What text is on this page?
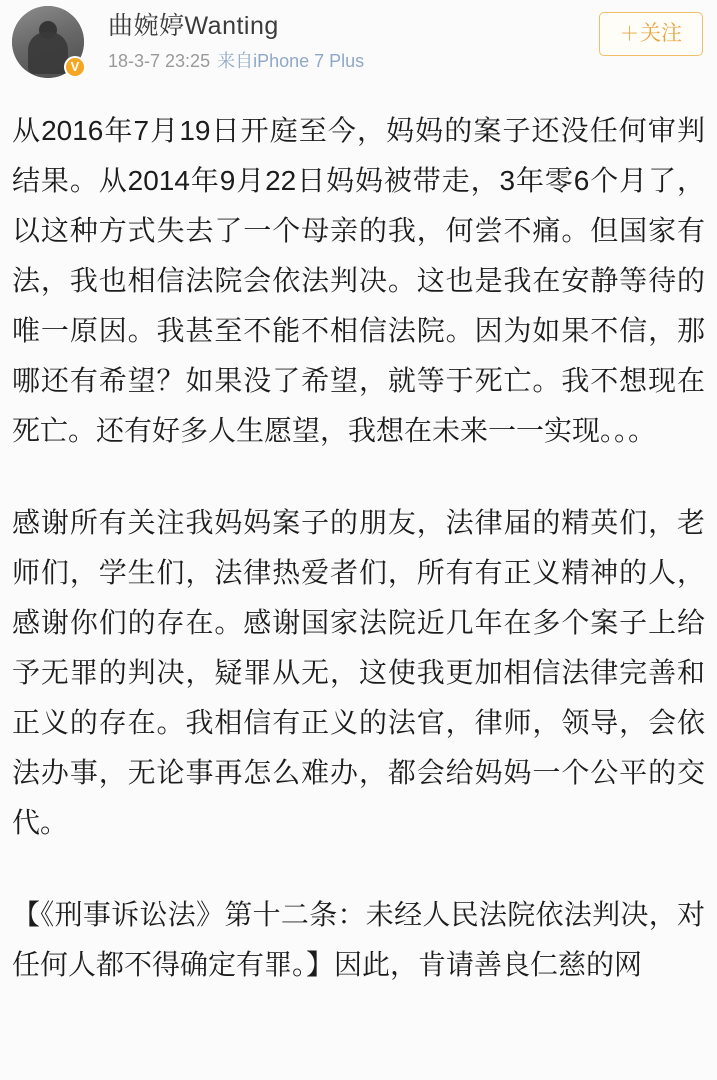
V
曲婉婷Wanting
18-3-7 23:25 来自iPhone 7 Plus
＋关注

从2016年7月19日开庭至今，妈妈的案子还没任何审判结果。从2014年9月22日妈妈被带走，3年零6个月了，以这种方式失去了一个母亲的我，何尝不痛。但国家有法，我也相信法院会依法判决。这也是我在安静等待的唯一原因。我甚至不能不相信法院。因为如果不信，那哪还有希望？如果没了希望，就等于死亡。我不想现在死亡。还有好多人生愿望，我想在未来一一实现。。。

感谢所有关注我妈妈案子的朋友，法律届的精英们，老师们，学生们，法律热爱者们，所有有正义精神的人，感谢你们的存在。感谢国家法院近几年在多个案子上给予无罪的判决，疑罪从无，这使我更加相信法律完善和正义的存在。我相信有正义的法官，律师，领导，会依法办事，无论事再怎么难办，都会给妈妈一个公平的交代。

【《刑事诉讼法》第十二条：未经人民法院依法判决，对任何人都不得确定有罪。】因此，肯请善良仁慈的网
